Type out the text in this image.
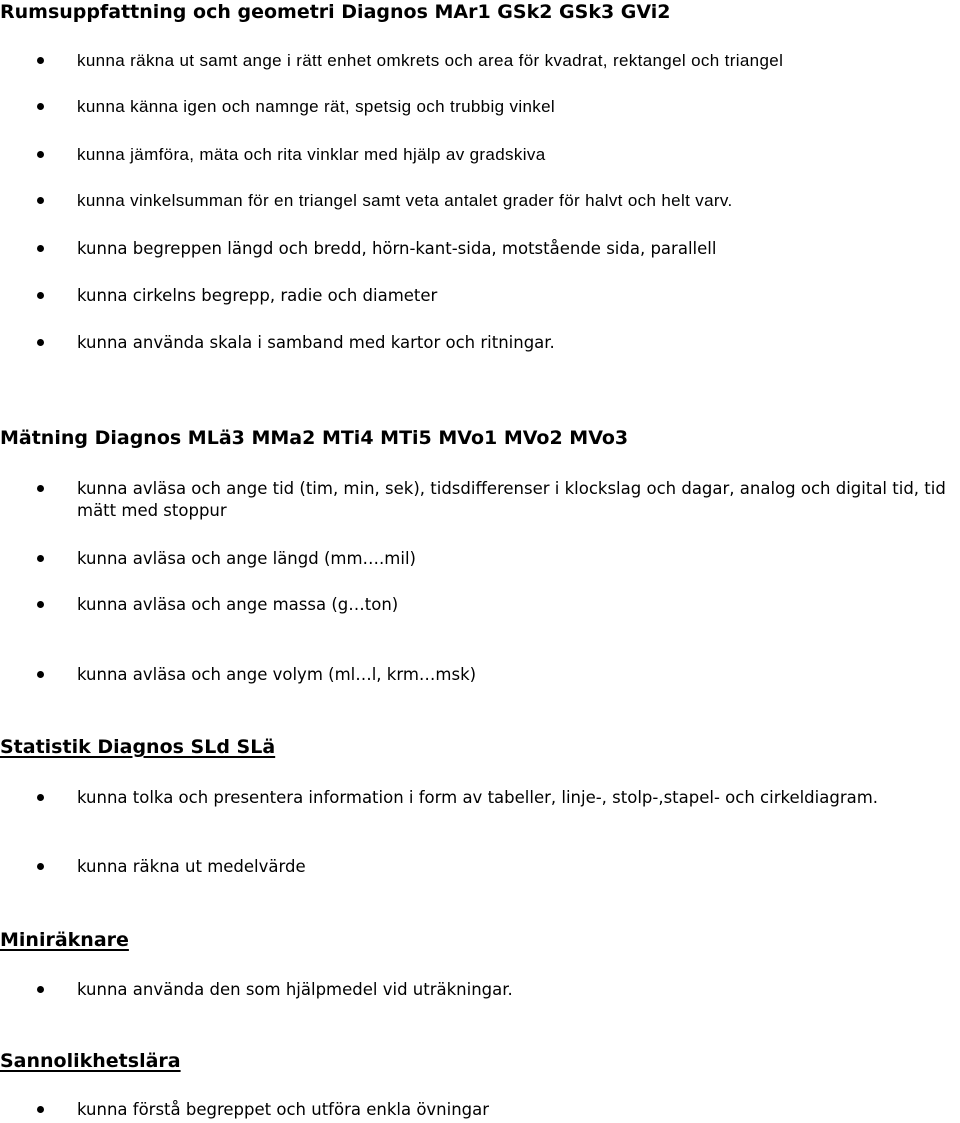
Rumsuppfattning och geometri Diagnos MAr1 GSk2 GSk3 GVi2
kunna räkna ut samt ange i rätt enhet omkrets och area för kvadrat, rektangel och triangel
kunna känna igen och namnge rät, spetsig och trubbig vinkel
kunna jämföra, mäta och rita vinklar med hjälp av gradskiva
kunna vinkelsumman för en triangel samt veta antalet grader för halvt och helt varv.
kunna begreppen längd och bredd, hörn-kant-sida, motstående sida, parallell
kunna cirkelns begrepp, radie och diameter
kunna använda skala i samband med kartor och ritningar.
Mätning Diagnos MLä3 MMa2 MTi4 MTi5 MVo1 MVo2 MVo3
kunna avläsa och ange tid (tim, min, sek), tidsdifferenser i klockslag och dagar, analog och digital tid, tid mätt med stoppur
kunna avläsa och ange längd (mm….mil)
kunna avläsa och ange massa (g…ton)
kunna avläsa och ange volym (ml…l, krm…msk)
Statistik Diagnos SLd SLä
kunna tolka och presentera information i form av tabeller, linje-, stolp-,stapel- och cirkeldiagram.
kunna räkna ut medelvärde
Miniräknare
kunna använda den som hjälpmedel vid uträkningar.
Sannolikhetslära
kunna förstå begreppet och utföra enkla övningar
